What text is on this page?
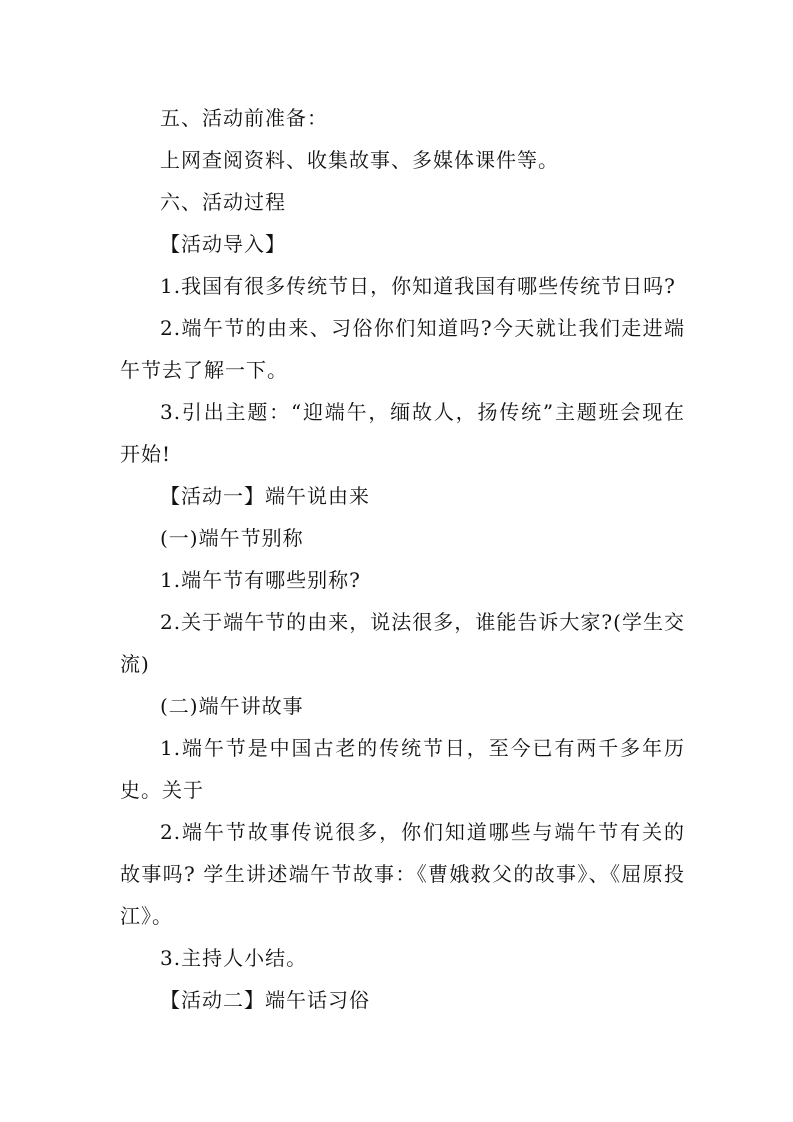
五、活动前准备：

上网查阅资料、收集故事、多媒体课件等。

六、活动过程

【活动导入】

1.我国有很多传统节日，你知道我国有哪些传统节日吗?

2.端午节的由来、习俗你们知道吗?今天就让我们走进端午节去了解一下。

3.引出主题：“迎端午，缅故人，扬传统”主题班会现在开始!

【活动一】端午说由来

(一)端午节别称

1.端午节有哪些别称?

2.关于端午节的由来，说法很多，谁能告诉大家?(学生交流)

(二)端午讲故事

1.端午节是中国古老的传统节日，至今已有两千多年历史。关于

2.端午节故事传说很多，你们知道哪些与端午节有关的故事吗? 学生讲述端午节故事：《曹娥救父的故事》、《屈原投江》。

3.主持人小结。

【活动二】端午话习俗
